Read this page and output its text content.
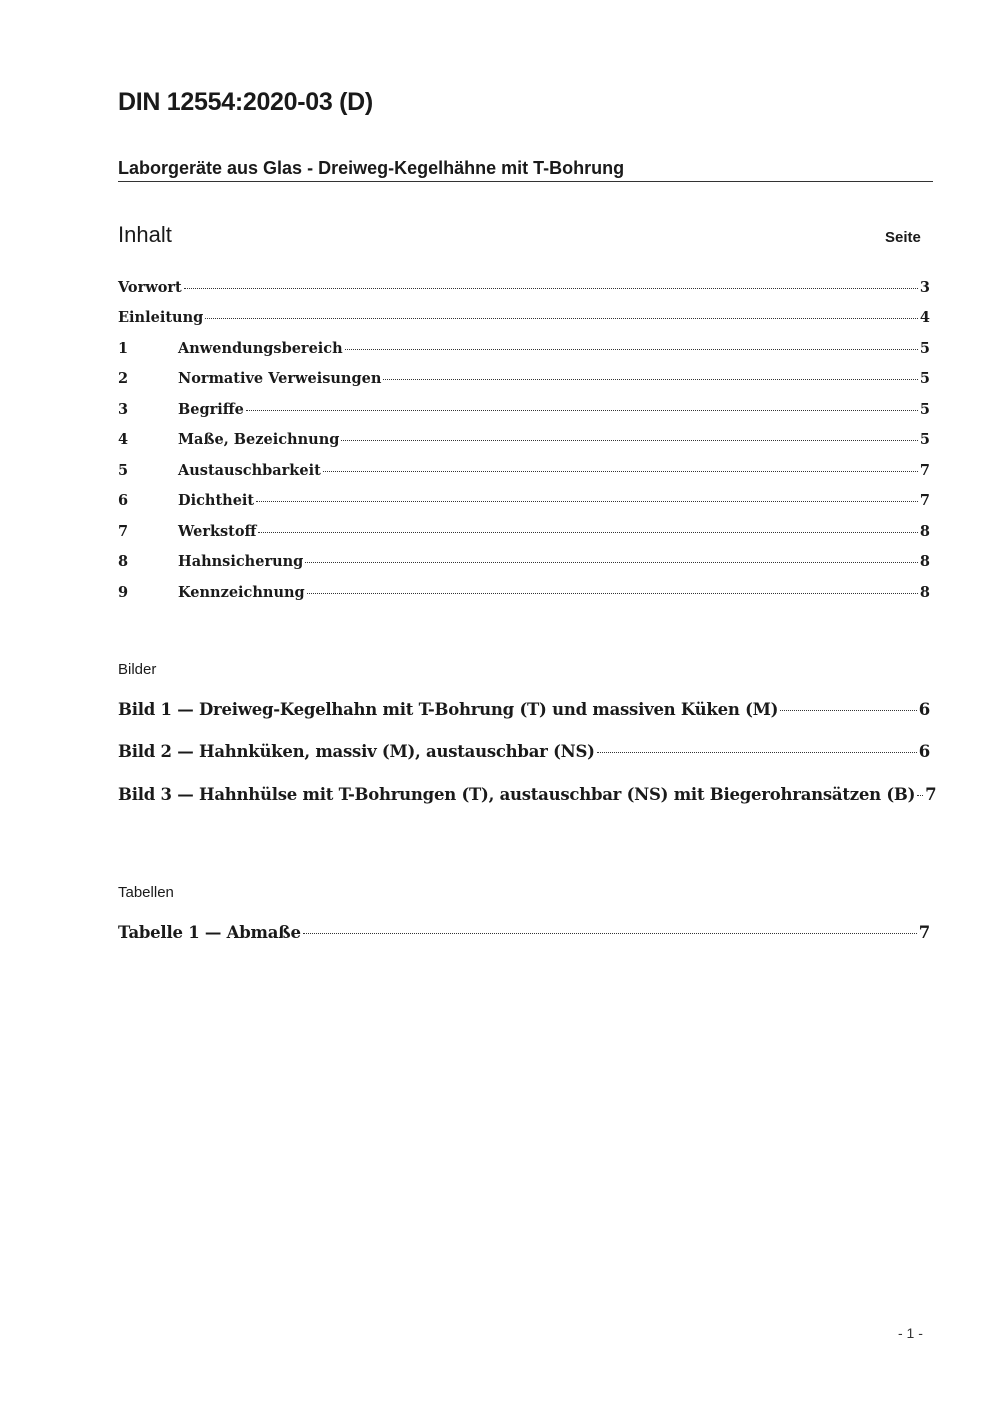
DIN 12554:2020-03 (D)
Laborgeräte aus Glas - Dreiweg-Kegelhähne mit T-Bohrung
Inhalt	Seite
Vorwort	3
Einleitung	4
1	Anwendungsbereich	5
2	Normative Verweisungen	5
3	Begriffe	5
4	Maße, Bezeichnung	5
5	Austauschbarkeit	7
6	Dichtheit	7
7	Werkstoff	8
8	Hahnsicherung	8
9	Kennzeichnung	8
Bilder
Bild 1 — Dreiweg-Kegelhahn mit T-Bohrung (T) und massiven Küken (M)	6
Bild 2 — Hahnküken, massiv (M), austauschbar (NS)	6
Bild 3 — Hahnhülse mit T-Bohrungen (T), austauschbar (NS) mit Biegerohransätzen (B) 7
Tabellen
Tabelle 1 — Abmaße	7
- 1 -
